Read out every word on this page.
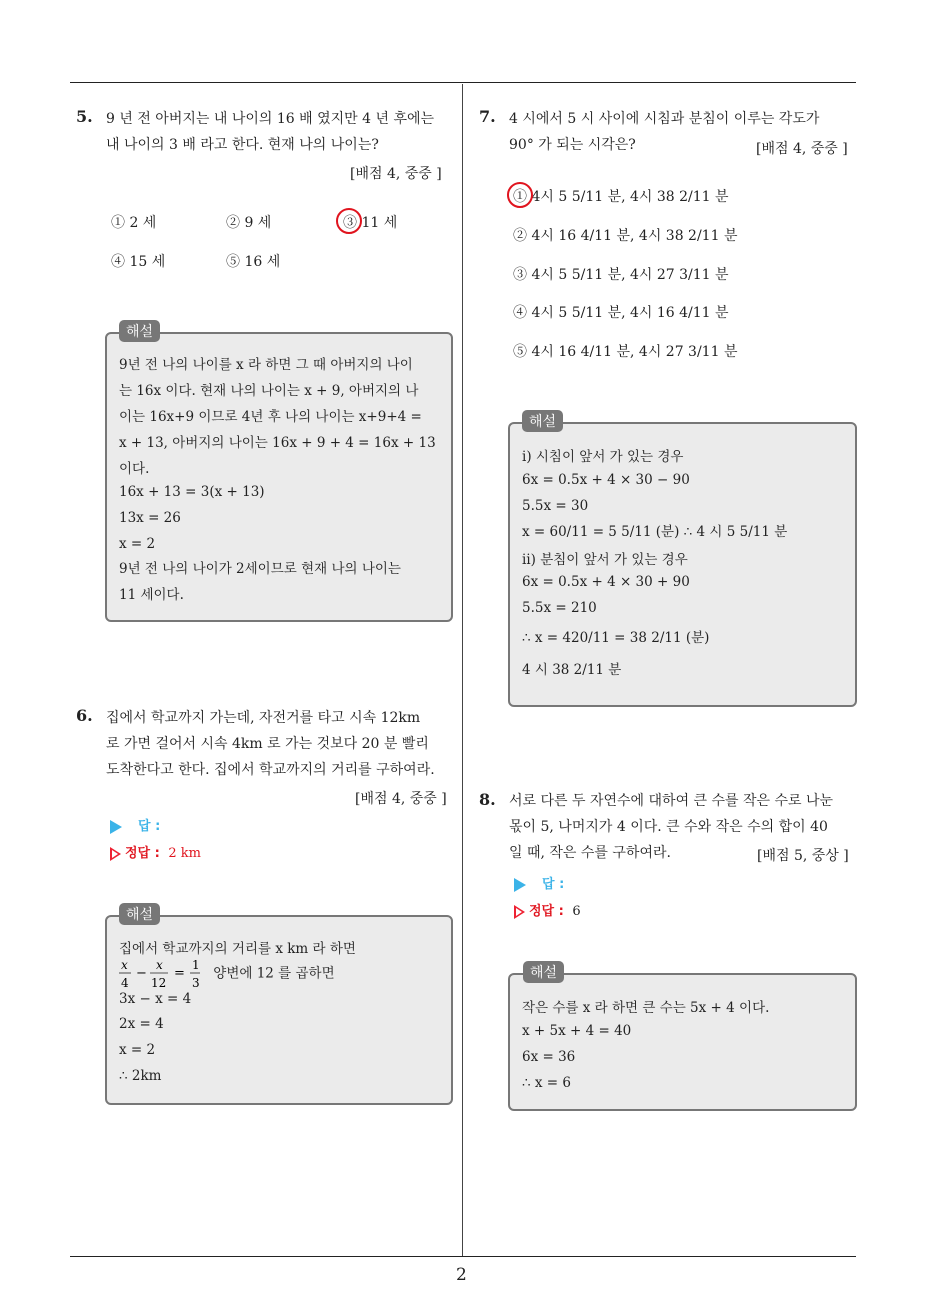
2
5. 9 년 전 아버지는 내 나이의 16 배 였지만 4 년 후에는
내 나이의 3 배 라고 한다. 현재 나의 나이는?
[배점 4, 중중 ]
① 2 세	② 9 세	③ 11 세
④ 15 세	⑤ 16 세
해설
9년 전 나의 나이를 x 라 하면 그 때 아버지의 나이
는 16x 이다. 현재 나의 나이는 x + 9, 아버지의 나
이는 16x+9 이므로 4년 후 나의 나이는 x+9+4 =
x + 13, 아버지의 나이는 16x + 9 + 4 = 16x + 13
이다.
16x + 13 = 3(x + 13)
13x = 26
x = 2
9년 전 나의 나이가 2세이므로 현재 나의 나이는
11 세이다.
6. 집에서 학교까지 가는데, 자전거를 타고 시속 12km
로 가면 걸어서 시속 4km 로 가는 것보다 20 분 빨리
도착한다고 한다. 집에서 학교까지의 거리를 구하여라.
[배점 4, 중중 ]
답 :
정답 : 2 km
해설
집에서 학교까지의 거리를 x km 라 하면
x
4
−
x
12
=
1
3
양변에 12 를 곱하면
3x − x = 4
2x = 4
x = 2
∴ 2km
7. 4 시에서 5 시 사이에 시침과 분침이 이루는 각도가
90° 가 되는 시각은?	[배점 4, 중중 ]
① 4시 5 5/11 분, 4시 38 2/11 분
② 4시 16 4/11 분, 4시 38 2/11 분
③ 4시 5 5/11 분, 4시 27 3/11 분
④ 4시 5 5/11 분, 4시 16 4/11 분
⑤ 4시 16 4/11 분, 4시 27 3/11 분
해설
ⅰ) 시침이 앞서 가 있는 경우
6x = 0.5x + 4 × 30 − 90
5.5x = 30
x = 60/11 = 5 5/11 (분) ∴ 4 시 5 5/11 분
ⅱ) 분침이 앞서 가 있는 경우
6x = 0.5x + 4 × 30 + 90
5.5x = 210
∴ x = 420/11 = 38 2/11 (분)
4 시 38 2/11 분
8. 서로 다른 두 자연수에 대하여 큰 수를 작은 수로 나눈
몫이 5, 나머지가 4 이다. 큰 수와 작은 수의 합이 40
일 때, 작은 수를 구하여라.	[배점 5, 중상 ]
답 :
정답 : 6
해설
작은 수를 x 라 하면 큰 수는 5x + 4 이다.
x + 5x + 4 = 40
6x = 36
∴ x = 6
